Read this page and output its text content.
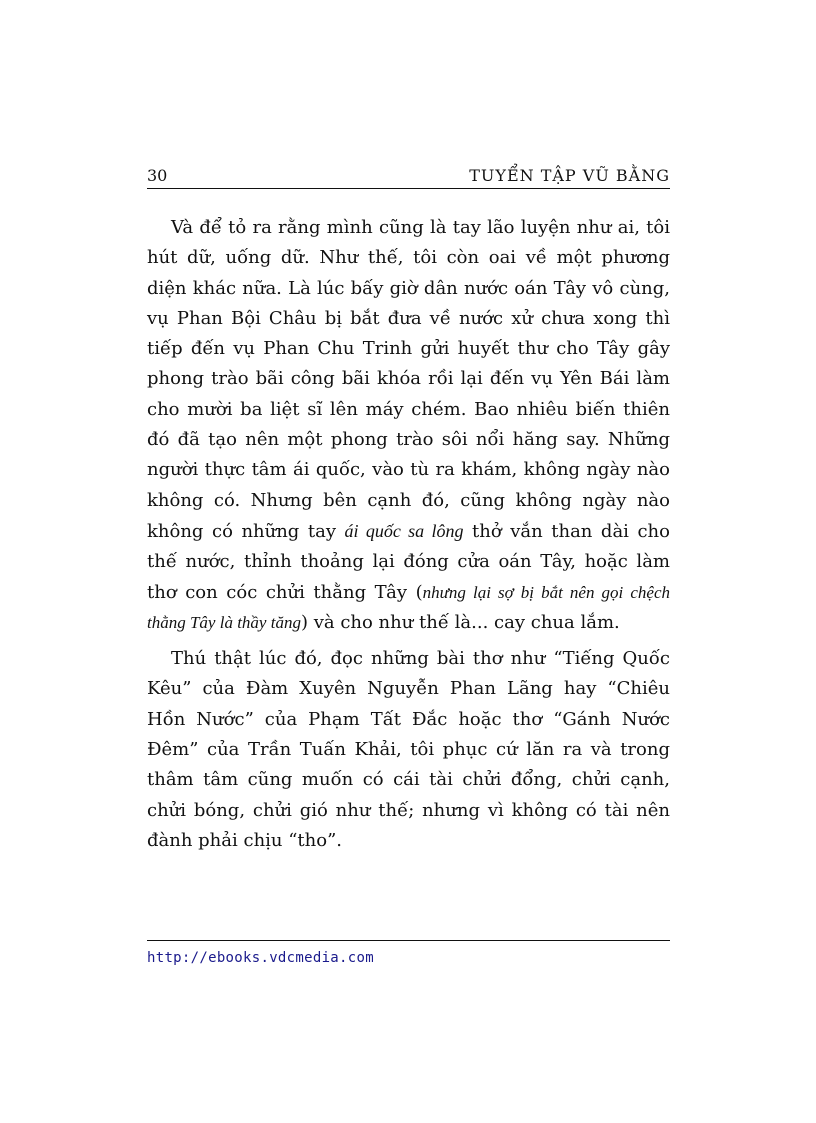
30	TUYỂN TẬP VŨ BẰNG

Và để tỏ ra rằng mình cũng là tay lão luyện như ai, tôi hút dữ, uống dữ. Như thế, tôi còn oai về một phương diện khác nữa. Là lúc bấy giờ dân nước oán Tây vô cùng, vụ Phan Bội Châu bị bắt đưa về nước xử chưa xong thì tiếp đến vụ Phan Chu Trinh gửi huyết thư cho Tây gây phong trào bãi công bãi khóa rồi lại đến vụ Yên Bái làm cho mười ba liệt sĩ lên máy chém. Bao nhiêu biến thiên đó đã tạo nên một phong trào sôi nổi hăng say. Những người thực tâm ái quốc, vào tù ra khám, không ngày nào không có. Nhưng bên cạnh đó, cũng không ngày nào không có những tay ái quốc sa lông thở vắn than dài cho thế nước, thỉnh thoảng lại đóng cửa oán Tây, hoặc làm thơ con cóc chửi thằng Tây (nhưng lại sợ bị bắt nên gọi chệch thằng Tây là thầy tăng) và cho như thế là... cay chua lắm.

Thú thật lúc đó, đọc những bài thơ như “Tiếng Quốc Kêu” của Đàm Xuyên Nguyễn Phan Lãng hay “Chiêu Hồn Nước” của Phạm Tất Đắc hoặc thơ “Gánh Nước Đêm” của Trần Tuấn Khải, tôi phục cứ lăn ra và trong thâm tâm cũng muốn có cái tài chửi đổng, chửi cạnh, chửi bóng, chửi gió như thế; nhưng vì không có tài nên đành phải chịu “tho”.

http://ebooks.vdcmedia.com
